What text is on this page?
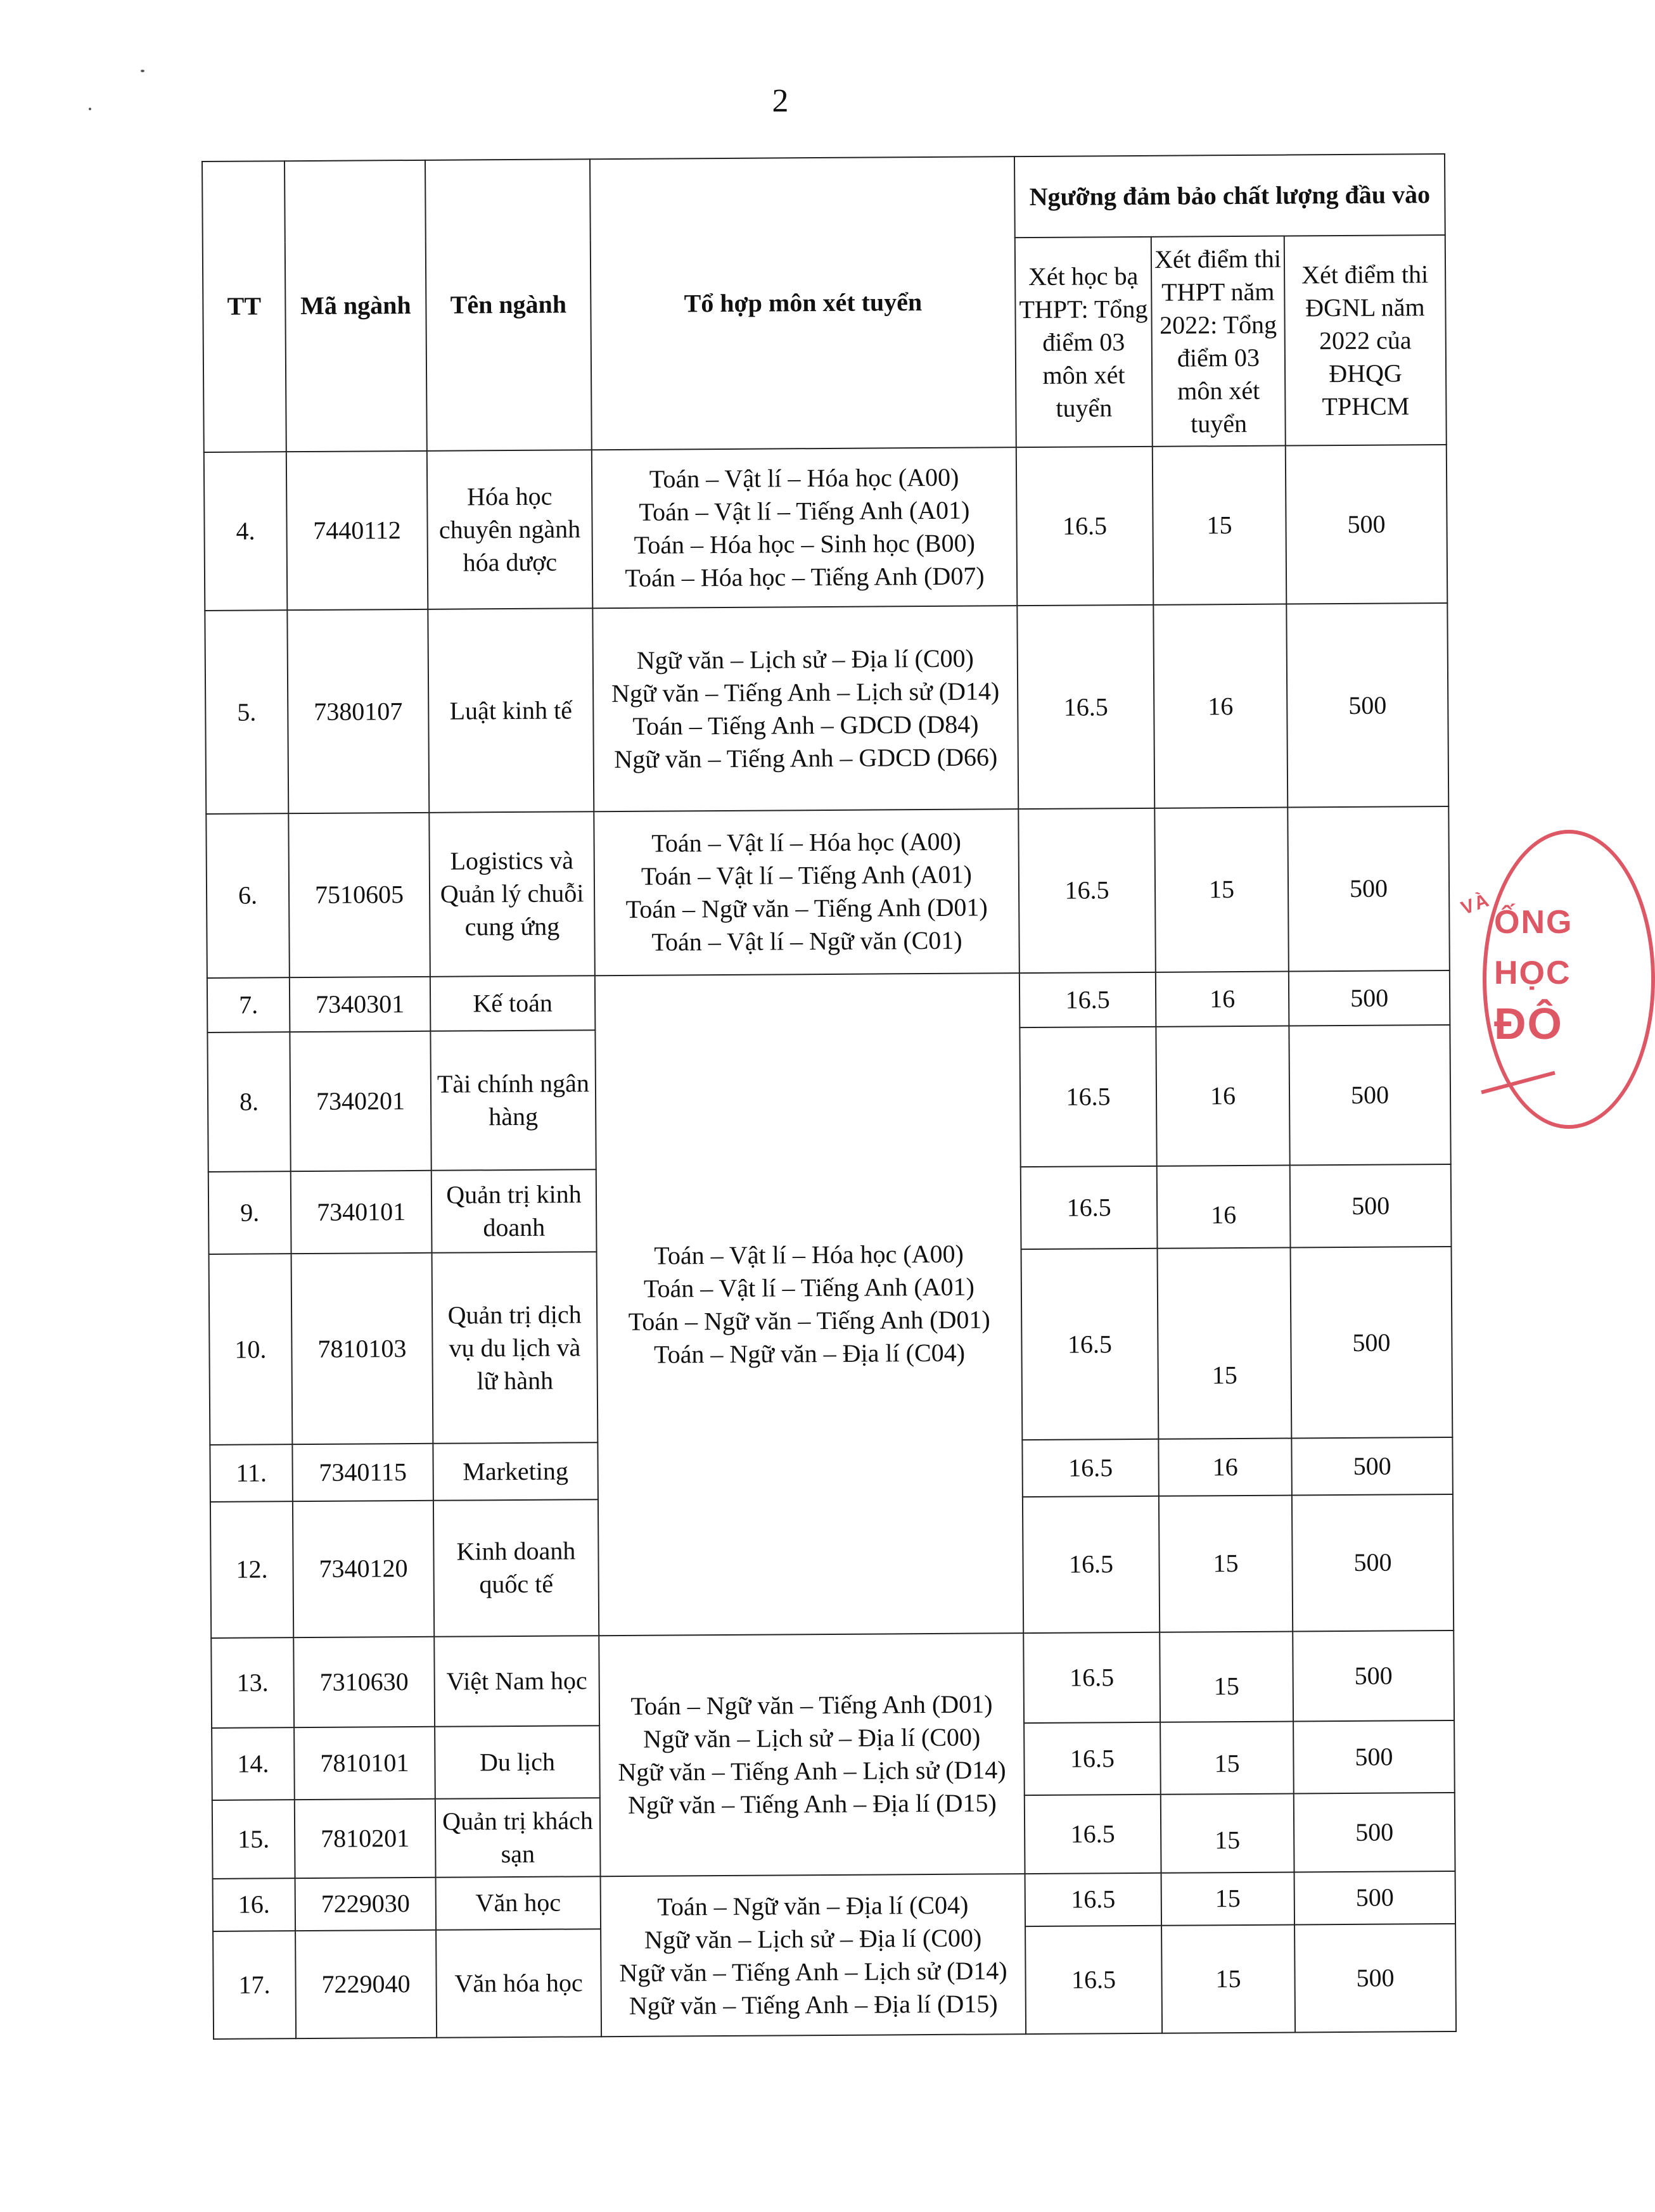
2
TT	Mã ngành	Tên ngành	Tổ hợp môn xét tuyển	Ngưỡng đảm bảo chất lượng đầu vào		
				Xét học bạ THPT: Tổng điểm 03 môn xét tuyển	Xét điểm thi THPT năm 2022: Tổng điểm 03 môn xét tuyển	Xét điểm thi ĐGNL năm 2022 của ĐHQG TPHCM
4.	7440112	Hóa học chuyên ngành hóa dược	Toán – Vật lí – Hóa học (A00)
Toán – Vật lí – Tiếng Anh (A01)
Toán – Hóa học – Sinh học (B00)
Toán – Hóa học – Tiếng Anh (D07)	16.5	15	500
5.	7380107	Luật kinh tế	Ngữ văn – Lịch sử – Địa lí (C00)
Ngữ văn – Tiếng Anh – Lịch sử (D14)
Toán – Tiếng Anh – GDCD (D84)
Ngữ văn – Tiếng Anh – GDCD (D66)	16.5	16	500
6.	7510605	Logistics và Quản lý chuỗi cung ứng	Toán – Vật lí – Hóa học (A00)
Toán – Vật lí – Tiếng Anh (A01)
Toán – Ngữ văn – Tiếng Anh (D01)
Toán – Vật lí – Ngữ văn (C01)	16.5	15	500
7.	7340301	Kế toán	Toán – Vật lí – Hóa học (A00)
Toán – Vật lí – Tiếng Anh (A01)
Toán – Ngữ văn – Tiếng Anh (D01)
Toán – Ngữ văn – Địa lí (C04)	16.5	16	500
8.	7340201	Tài chính ngân hàng		16.5	16	500
9.	7340101	Quản trị kinh doanh		16.5	16	500
10.	7810103	Quản trị dịch vụ du lịch và lữ hành		16.5	15	500
11.	7340115	Marketing		16.5	16	500
12.	7340120	Kinh doanh quốc tế		16.5	15	500
13.	7310630	Việt Nam học	Toán – Ngữ văn – Tiếng Anh (D01)
Ngữ văn – Lịch sử – Địa lí (C00)
Ngữ văn – Tiếng Anh – Lịch sử (D14)
Ngữ văn – Tiếng Anh – Địa lí (D15)	16.5	15	500
14.	7810101	Du lịch		16.5	15	500
15.	7810201	Quản trị khách sạn		16.5	15	500
16.	7229030	Văn học	Toán – Ngữ văn – Địa lí (C04)
Ngữ văn – Lịch sử – Địa lí (C00)
Ngữ văn – Tiếng Anh – Lịch sử (D14)
Ngữ văn – Tiếng Anh – Địa lí (D15)	16.5	15	500
17.	7229040	Văn hóa học		16.5	15	500
VÀ ỐNG
HỌC
ĐÔ
